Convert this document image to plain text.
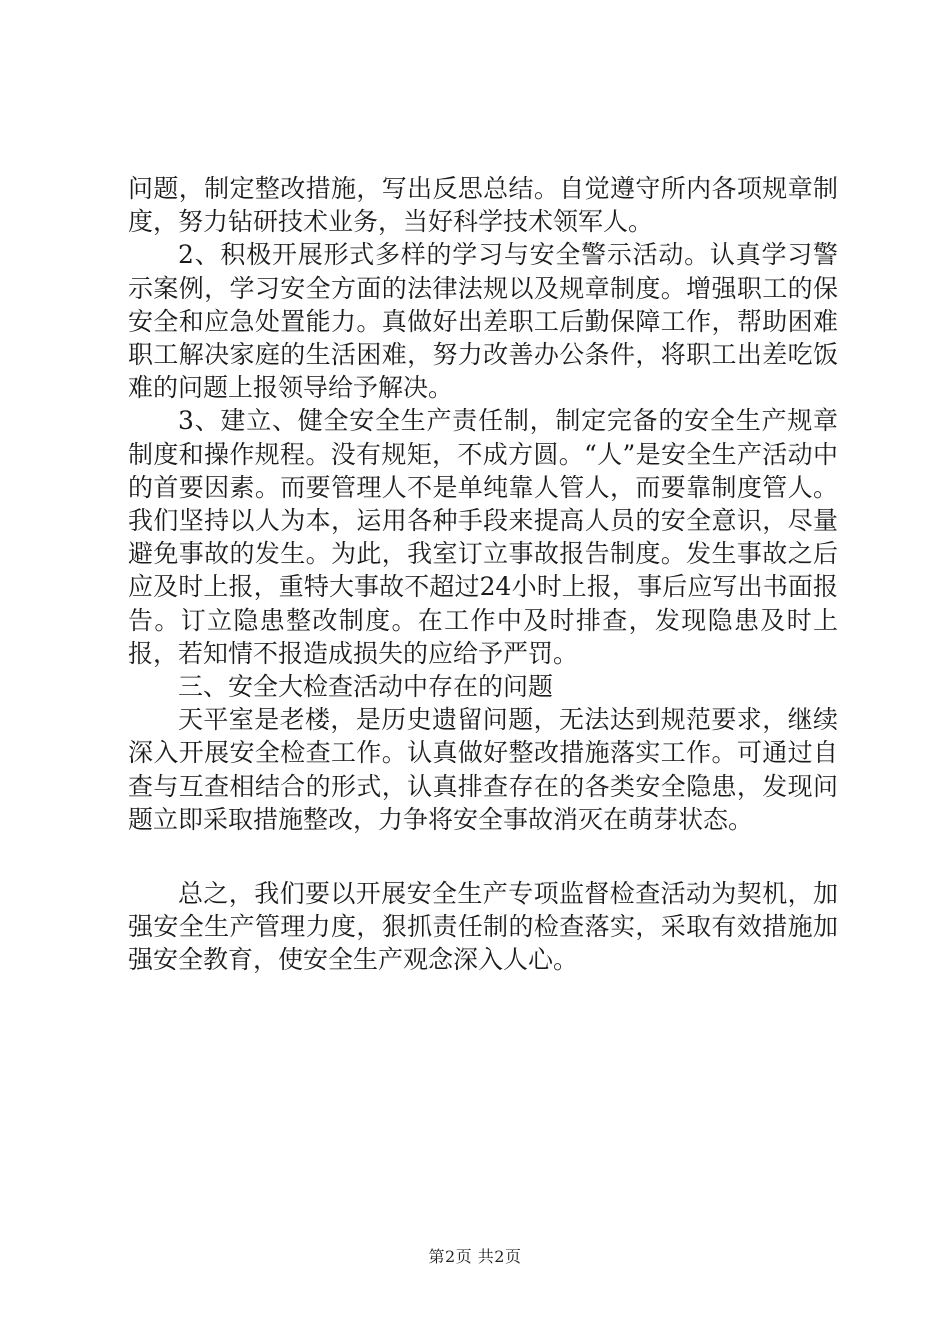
问题，制定整改措施，写出反思总结。自觉遵守所内各项规章制度，努力钻研技术业务，当好科学技术领军人。

2、积极开展形式多样的学习与安全警示活动。认真学习警示案例，学习安全方面的法律法规以及规章制度。增强职工的保安全和应急处置能力。真做好出差职工后勤保障工作，帮助困难职工解决家庭的生活困难，努力改善办公条件，将职工出差吃饭难的问题上报领导给予解决。

3、建立、健全安全生产责任制，制定完备的安全生产规章制度和操作规程。没有规矩，不成方圆。“人”是安全生产活动中的首要因素。而要管理人不是单纯靠人管人，而要靠制度管人。我们坚持以人为本，运用各种手段来提高人员的安全意识，尽量避免事故的发生。为此，我室订立事故报告制度。发生事故之后应及时上报，重特大事故不超过24小时上报，事后应写出书面报告。订立隐患整改制度。在工作中及时排查，发现隐患及时上报，若知情不报造成损失的应给予严罚。

三、安全大检查活动中存在的问题

天平室是老楼，是历史遗留问题，无法达到规范要求，继续深入开展安全检查工作。认真做好整改措施落实工作。可通过自查与互查相结合的形式，认真排查存在的各类安全隐患，发现问题立即采取措施整改，力争将安全事故消灭在萌芽状态。

总之，我们要以开展安全生产专项监督检查活动为契机，加强安全生产管理力度，狠抓责任制的检查落实，采取有效措施加强安全教育，使安全生产观念深入人心。

第2页 共2页
